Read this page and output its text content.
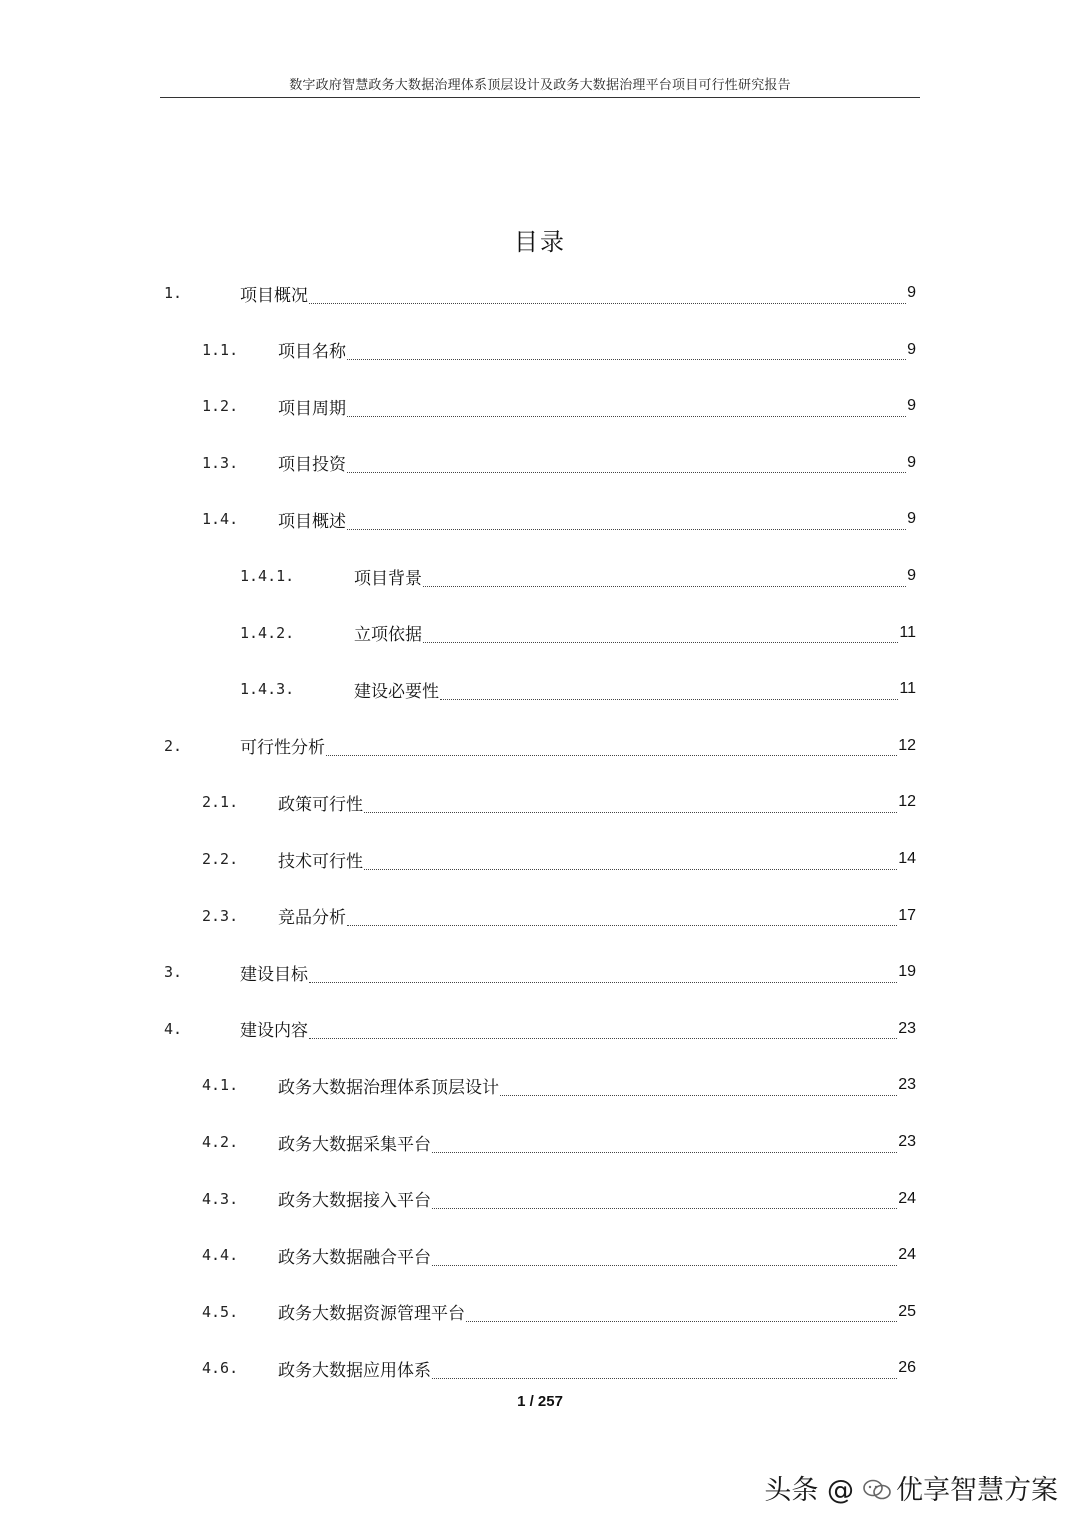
数字政府智慧政务大数据治理体系顶层设计及政务大数据治理平台项目可行性研究报告
目录
1.	项目概况	9
1.1.	项目名称	9
1.2.	项目周期	9
1.3.	项目投资	9
1.4.	项目概述	9
1.4.1.	项目背景	9
1.4.2.	立项依据	11
1.4.3.	建设必要性	11
2.	可行性分析	12
2.1.	政策可行性	12
2.2.	技术可行性	14
2.3.	竞品分析	17
3.	建设目标	19
4.	建设内容	23
4.1.	政务大数据治理体系顶层设计	23
4.2.	政务大数据采集平台	23
4.3.	政务大数据接入平台	24
4.4.	政务大数据融合平台	24
4.5.	政务大数据资源管理平台	25
4.6.	政务大数据应用体系	26
1 / 257
头条 @ 优享智慧方案
